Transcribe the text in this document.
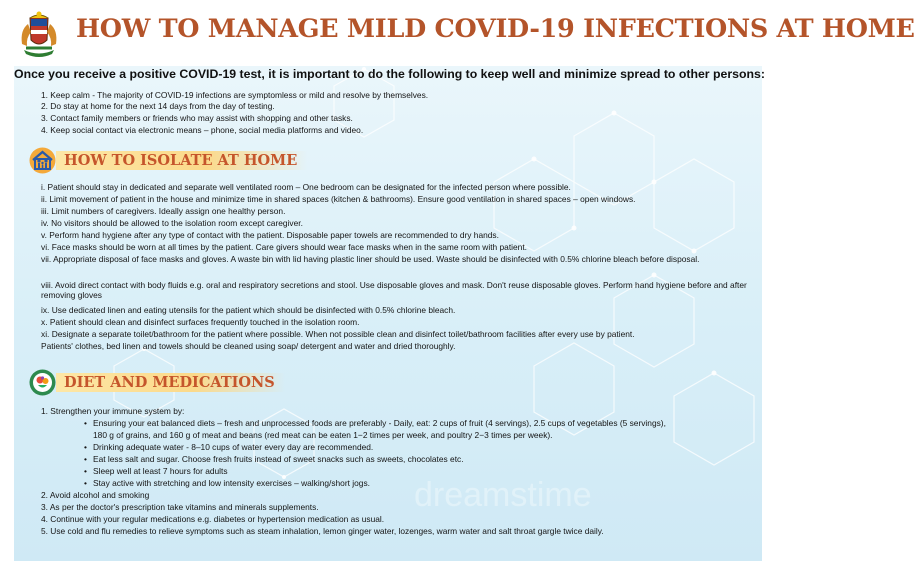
HOW TO MANAGE MILD COVID-19 INFECTIONS AT HOME
dreamstime
Once you receive a positive COVID-19 test, it is important to do the following to keep well and minimize spread to other persons:
1. Keep calm - The majority of COVID-19 infections are symptomless or mild and resolve by themselves.
2. Do stay at home for the next 14 days from the day of testing.
3. Contact family members or friends who may assist with shopping and other tasks.
4. Keep social contact via electronic means – phone, social media platforms and video.
HOW TO ISOLATE AT HOME
i. Patient should stay in dedicated and separate well ventilated room – One bedroom can be designated for the infected person where possible.
ii. Limit movement of patient in the house and minimize time in shared spaces (kitchen & bathrooms). Ensure good ventilation in shared spaces – open windows.
iii. Limit numbers of caregivers. Ideally assign one healthy person.
iv. No visitors should be allowed to the isolation room except caregiver.
v. Perform hand hygiene after any type of contact with the patient. Disposable paper towels are recommended to dry hands.
vi. Face masks should be worn at all times by the patient. Care givers should wear face masks when in the same room with patient.
vii. Appropriate disposal of face masks and gloves. A waste bin with lid having plastic liner should be used. Waste should be disinfected with 0.5% chlorine bleach before disposal.
viii. Avoid direct contact with body fluids e.g. oral and respiratory secretions and stool. Use disposable gloves and mask. Don't reuse disposable gloves. Perform hand hygiene before and after removing gloves
ix. Use dedicated linen and eating utensils for the patient which should be disinfected with 0.5% chlorine bleach.
x. Patient should clean and disinfect surfaces frequently touched in the isolation room.
xi. Designate a separate toilet/bathroom for the patient where possible. When not possible clean and disinfect toilet/bathroom facilities after every use by patient.
Patients' clothes, bed linen and towels should be cleaned using soap/ detergent and water and dried thoroughly.
DIET AND MEDICATIONS
1. Strengthen your immune system by:
• Ensuring your eat balanced diets – fresh and unprocessed foods are preferably - Daily, eat: 2 cups of fruit (4 servings), 2.5 cups of vegetables (5 servings),
180 g of grains, and 160 g of meat and beans (red meat can be eaten 1−2 times per week, and poultry 2−3 times per week).
• Drinking adequate water - 8–10 cups of water every day are recommended.
• Eat less salt and sugar. Choose fresh fruits instead of sweet snacks such as sweets, chocolates etc.
• Sleep well at least 7 hours for adults
• Stay active with stretching and low intensity exercises – walking/short jogs.
2. Avoid alcohol and smoking
3. As per the doctor's prescription take vitamins and minerals supplements.
4. Continue with your regular medications e.g. diabetes or hypertension medication as usual.
5. Use cold and flu remedies to relieve symptoms such as steam inhalation, lemon ginger water, lozenges, warm water and salt throat gargle twice daily.
